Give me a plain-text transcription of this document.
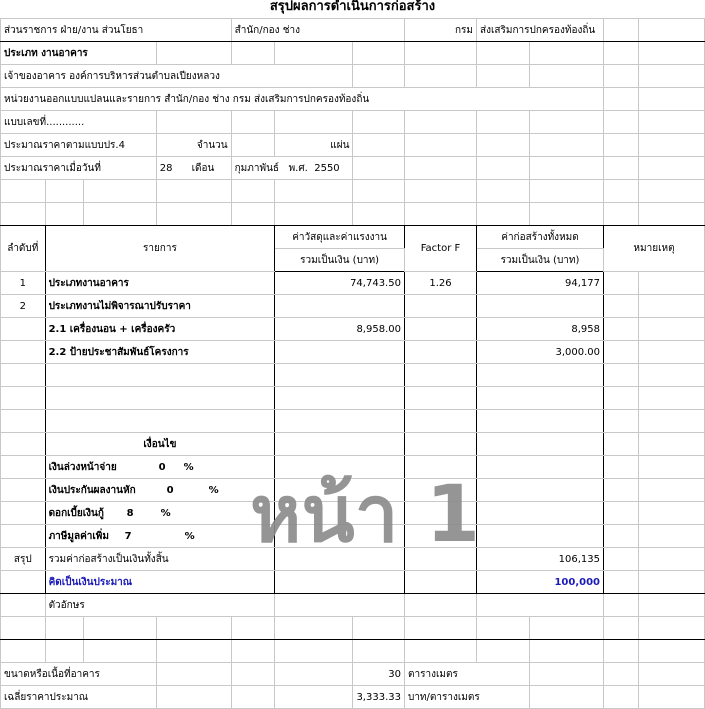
สรุปผลการดำเนินการก่อสร้าง
ส่วนราชการ ฝ่าย/งาน ส่วนโยธา				สำนัก/กอง ช่าง			กรม	ส่งเสริมการปกครองท้องถิ่น			
ประเภท งานอาคาร											
เจ้าของอาคาร องค์การบริหารส่วนตำบลเปียงหลวง											
หน่วยงานออกแบบแปลนและรายการ สำนัก/กอง ช่าง กรม ส่งเสริมการปกครองท้องถิ่น											
แบบเลขที่............											
ประมาณราคาตามแบบปร.4			จำนวน		แผ่น						
ประมาณราคาเมื่อวันที่			28 เดือน	กุมภาพันธ์ พ.ศ. 2550							

ลำดับที่	รายการ				ค่าวัสดุและค่าแรงงาน		Factor F	ค่าก่อสร้างทั้งหมด		หมายเหตุ	
					รวมเป็นเงิน (บาท)			รวมเป็นเงิน (บาท)			
1	ประเภทงานอาคาร				74,743.50		1.26	94,177			
2	ประเภทงานไม่พิจารณาปรับราคา										
	2.1 เครื่องนอน + เครื่องครัว				8,958.00			8,958			
	2.2 ป้ายประชาสัมพันธ์โครงการ							3,000.00			

	เงื่อนไข										
	เงินล่วงหน้าจ่าย 0 %										
	เงินประกันผลงานหัก 0 %										
	ดอกเบี้ยเงินกู้ 8 %										
	ภาษีมูลค่าเพิ่ม 7 %										
สรุป	รวมค่าก่อสร้างเป็นเงินทั้งสิ้น							106,135			
	คิดเป็นเงินประมาณ							100,000			
	ตัวอักษร										

ขนาดหรือเนื้อที่อาคาร						30	ตารางเมตร				
เฉลี่ยราคาประมาณ						3,333.33	บาท/ตารางเมตร				
หน้า 1
